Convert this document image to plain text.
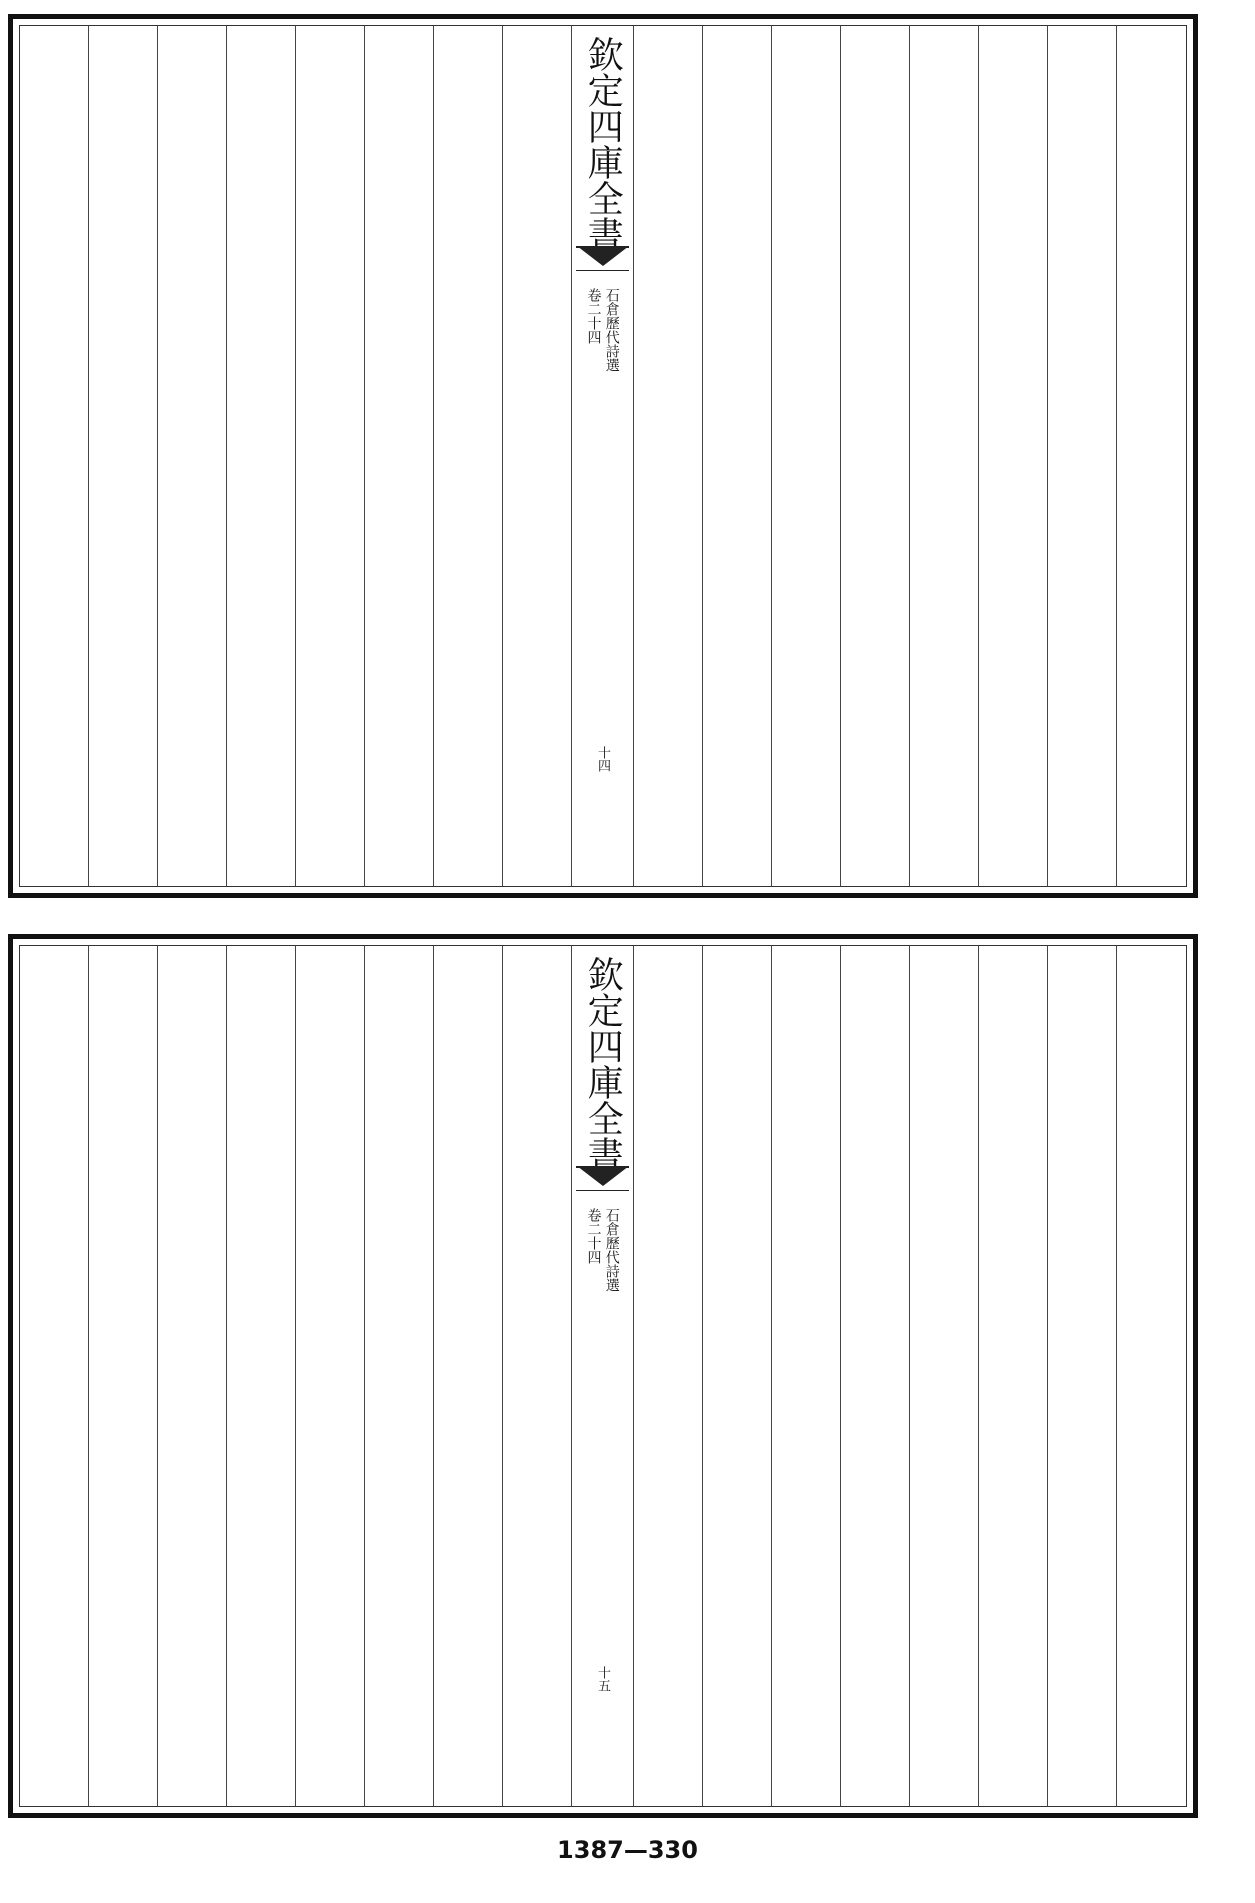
欽定四庫全書
石倉歷代詩選
卷二十四
十四
欽定四庫全書
石倉歷代詩選
卷二十四
十五
1387—330
